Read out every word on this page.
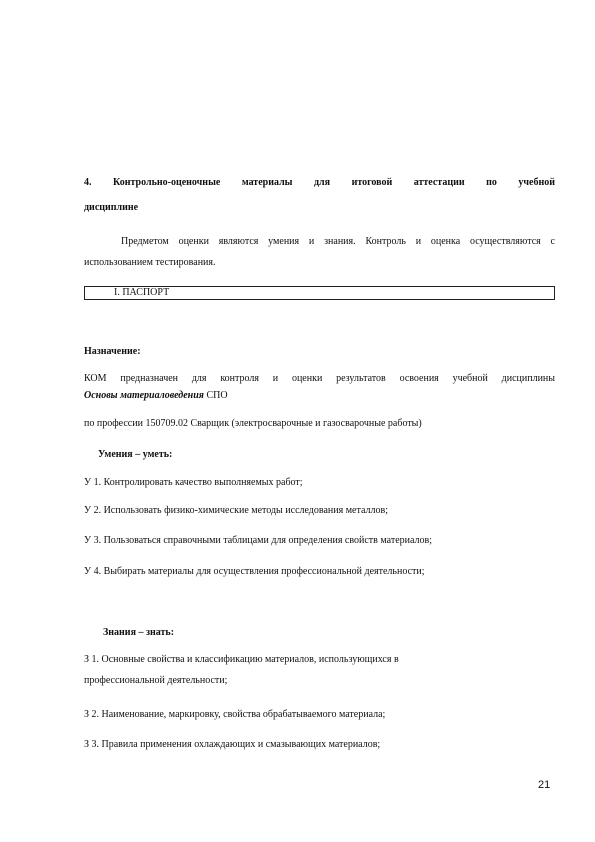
4. Контрольно-оценочные материалы для итоговой аттестации по учебной
дисциплине
Предметом оценки являются умения и знания. Контроль и оценка осуществляются с
использованием тестирования.
I. ПАСПОРТ
Назначение:
КОМ предназначен для контроля и оценки результатов освоения учебной дисциплины
Основы материаловедения СПО
по профессии 150709.02 Сварщик (электросварочные и газосварочные работы)
Умения – уметь:
У 1. Контролировать качество выполняемых работ;
У 2. Использовать физико-химические методы исследования металлов;
У 3. Пользоваться справочными таблицами для определения свойств материалов;
У 4. Выбирать материалы для осуществления профессиональной деятельности;
Знания – знать:
З 1. Основные свойства и классификацию материалов, использующихся в
профессиональной деятельности;
З 2. Наименование, маркировку, свойства обрабатываемого материала;
З 3. Правила применения охлаждающих и смазывающих материалов;
21
